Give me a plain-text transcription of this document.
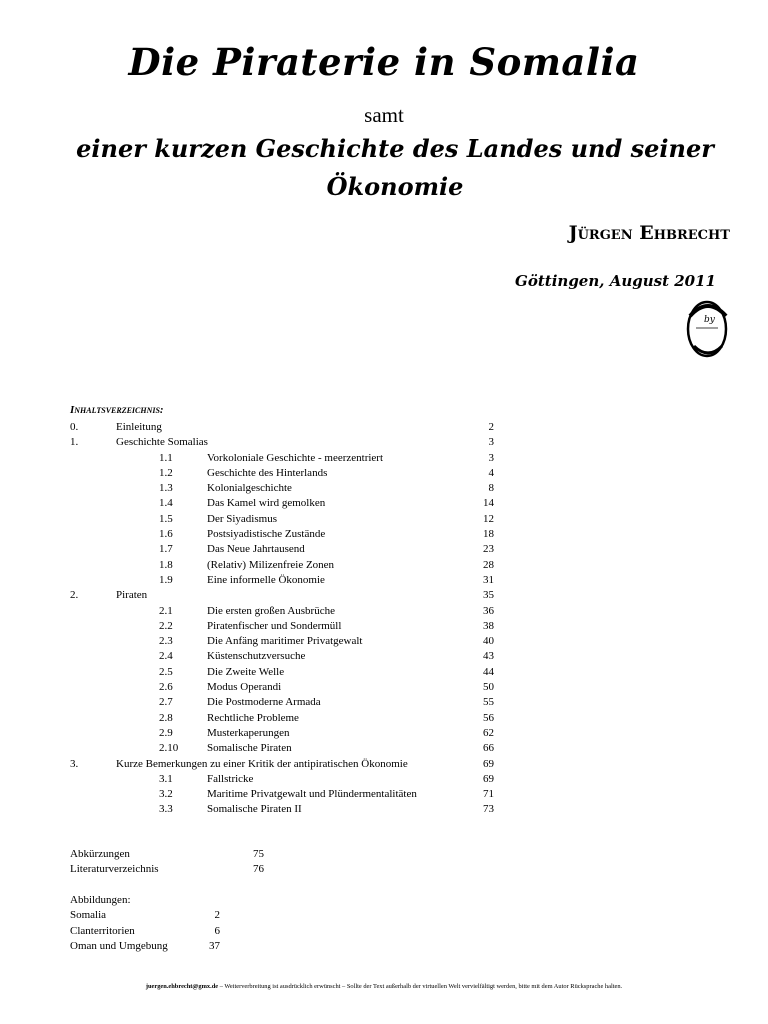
Die Piraterie in Somalia
samt
einer kurzen Geschichte des Landes und seiner Ökonomie
Jürgen Ehbrecht
Göttingen, August 2011
by
Inhaltsverzeichnis:
0.	Einleitung	2
1.	Geschichte Somalias	3
1.1	Vorkoloniale Geschichte - meerzentriert	3
1.2	Geschichte des Hinterlands	4
1.3	Kolonialgeschichte	8
1.4	Das Kamel wird gemolken	14
1.5	Der Siyadismus	12
1.6	Postsiyadistische Zustände	18
1.7	Das Neue Jahrtausend	23
1.8	(Relativ) Milizenfreie Zonen	28
1.9	Eine informelle Ökonomie	31
2.	Piraten	35
2.1	Die ersten großen Ausbrüche	36
2.2	Piratenfischer und Sondermüll	38
2.3	Die Anfäng maritimer Privatgewalt	40
2.4	Küstenschutzversuche	43
2.5	Die Zweite Welle	44
2.6	Modus Operandi	50
2.7	Die Postmoderne Armada	55
2.8	Rechtliche Probleme	56
2.9	Musterkaperungen	62
2.10	Somalische Piraten	66
3.	Kurze Bemerkungen zu einer Kritik der antipiratischen Ökonomie	69
3.1	Fallstricke	69
3.2	Maritime Privatgewalt und Plündermentalitäten	71
3.3	Somalische Piraten II	73
Abkürzungen	75
Literaturverzeichnis	76
Abbildungen:
Somalia	2
Clanterritorien	6
Oman und Umgebung	37
juergen.ehbrecht@gmx.de – Weiterverbreitung ist ausdrücklich erwünscht – Sollte der Text außerhalb der virtuellen Welt vervielfältigt werden, bitte mit dem Autor Rücksprache halten.
